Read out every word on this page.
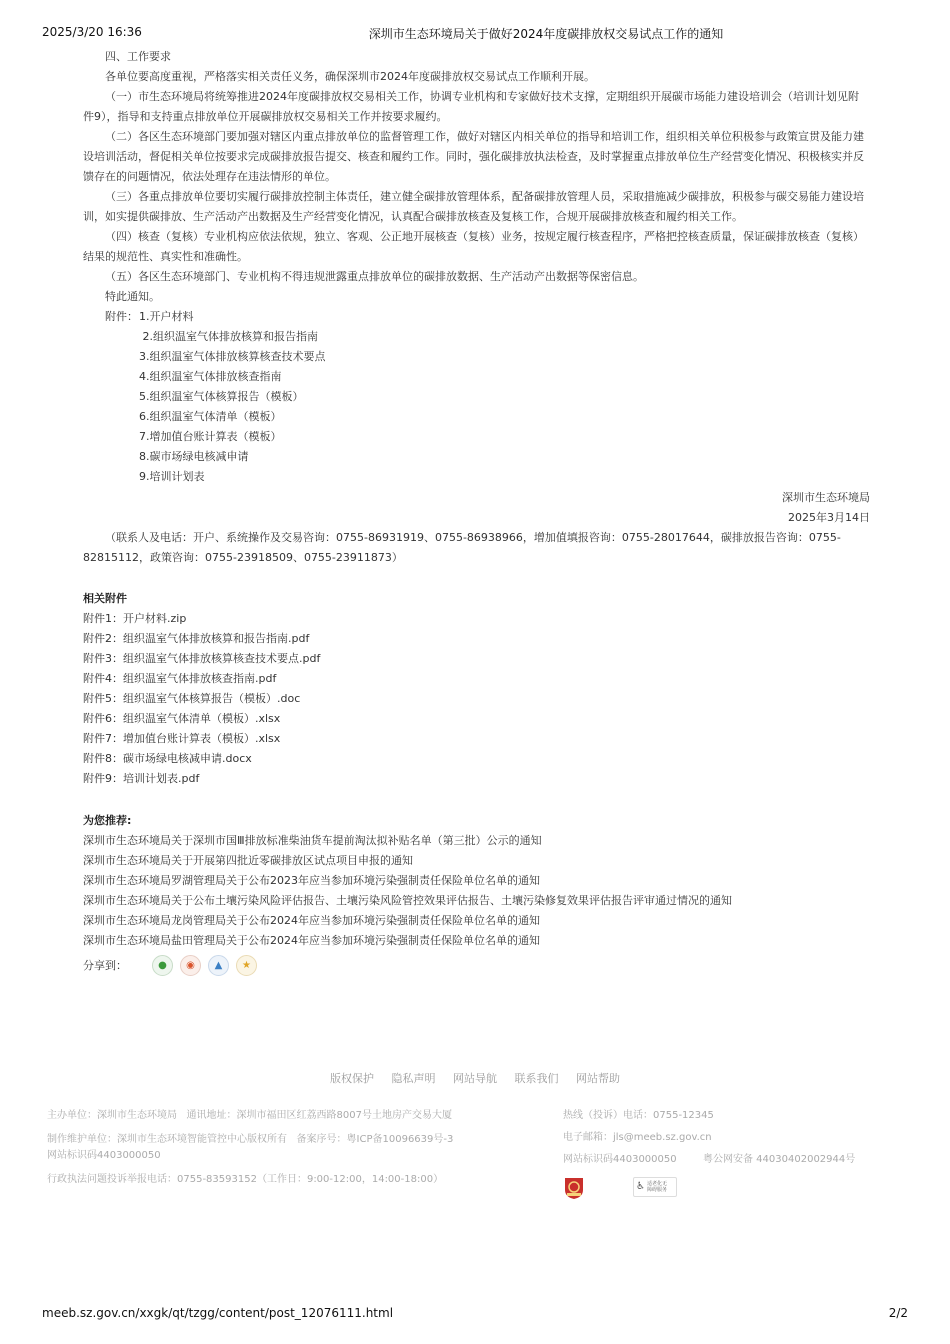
2025/3/20 16:36	深圳市生态环境局关于做好2024年度碳排放权交易试点工作的通知
四、工作要求
各单位要高度重视，严格落实相关责任义务，确保深圳市2024年度碳排放权交易试点工作顺利开展。
（一）市生态环境局将统筹推进2024年度碳排放权交易相关工作，协调专业机构和专家做好技术支撑，定期组织开展碳市场能力建设培训会（培训计划见附件9），指导和支持重点排放单位开展碳排放权交易相关工作并按要求履约。
（二）各区生态环境部门要加强对辖区内重点排放单位的监督管理工作，做好对辖区内相关单位的指导和培训工作，组织相关单位积极参与政策宣贯及能力建设培训活动，督促相关单位按要求完成碳排放报告提交、核查和履约工作。同时，强化碳排放执法检查，及时掌握重点排放单位生产经营变化情况、积极核实并反馈存在的问题情况，依法处理存在违法情形的单位。
（三）各重点排放单位要切实履行碳排放控制主体责任，建立健全碳排放管理体系，配备碳排放管理人员，采取措施减少碳排放，积极参与碳交易能力建设培训，如实提供碳排放、生产活动产出数据及生产经营变化情况，认真配合碳排放核查及复核工作，合规开展碳排放核查和履约相关工作。
（四）核查（复核）专业机构应依法依规，独立、客观、公正地开展核查（复核）业务，按规定履行核查程序，严格把控核查质量，保证碳排放核查（复核）结果的规范性、真实性和准确性。
（五）各区生态环境部门、专业机构不得违规泄露重点排放单位的碳排放数据、生产活动产出数据等保密信息。
特此通知。
附件： 1.开户材料
2.组织温室气体排放核算和报告指南
3.组织温室气体排放核算核查技术要点
4.组织温室气体排放核查指南
5.组织温室气体核算报告（模板）
6.组织温室气体清单（模板）
7.增加值台账计算表（模板）
8.碳市场绿电核减申请
9.培训计划表
深圳市生态环境局
2025年3月14日
（联系人及电话：开户、系统操作及交易咨询：0755-86931919、0755-86938966，增加值填报咨询：0755-28017644，碳排放报告咨询：0755-82815112，政策咨询：0755-23918509、0755-23911873）
相关附件
附件1：开户材料.zip
附件2：组织温室气体排放核算和报告指南.pdf
附件3：组织温室气体排放核算核查技术要点.pdf
附件4：组织温室气体排放核查指南.pdf
附件5：组织温室气体核算报告（模板）.doc
附件6：组织温室气体清单（模板）.xlsx
附件7：增加值台账计算表（模板）.xlsx
附件8：碳市场绿电核减申请.docx
附件9：培训计划表.pdf
为您推荐:
深圳市生态环境局关于深圳市国Ⅲ排放标准柴油货车提前淘汰拟补贴名单（第三批）公示的通知
深圳市生态环境局关于开展第四批近零碳排放区试点项目申报的通知
深圳市生态环境局罗湖管理局关于公布2023年应当参加环境污染强制责任保险单位名单的通知
深圳市生态环境局关于公布土壤污染风险评估报告、土壤污染风险管控效果评估报告、土壤污染修复效果评估报告评审通过情况的通知
深圳市生态环境局龙岗管理局关于公布2024年应当参加环境污染强制责任保险单位名单的通知
深圳市生态环境局盐田管理局关于公布2024年应当参加环境污染强制责任保险单位名单的通知
分享到：	●	◉	▲	★
版权保护 隐私声明 网站导航 联系我们 网站帮助
主办单位：深圳市生态环境局   通讯地址：深圳市福田区红荔西路8007号土地房产交易大厦
制作维护单位：深圳市生态环境智能管控中心版权所有   备案序号：粤ICP备10096639号-3
网站标识码4403000050
行政执法问题投诉举报电话：0755-83593152（工作日：9:00-12:00，14:00-18:00）
热线（投诉）电话：0755-12345
电子邮箱：jls@meeb.sz.gov.cn
网站标识码4403000050	粤公网安备 44030402002944号
♿ 适老化无障碍服务
meeb.sz.gov.cn/xxgk/qt/tzgg/content/post_12076111.html	2/2
